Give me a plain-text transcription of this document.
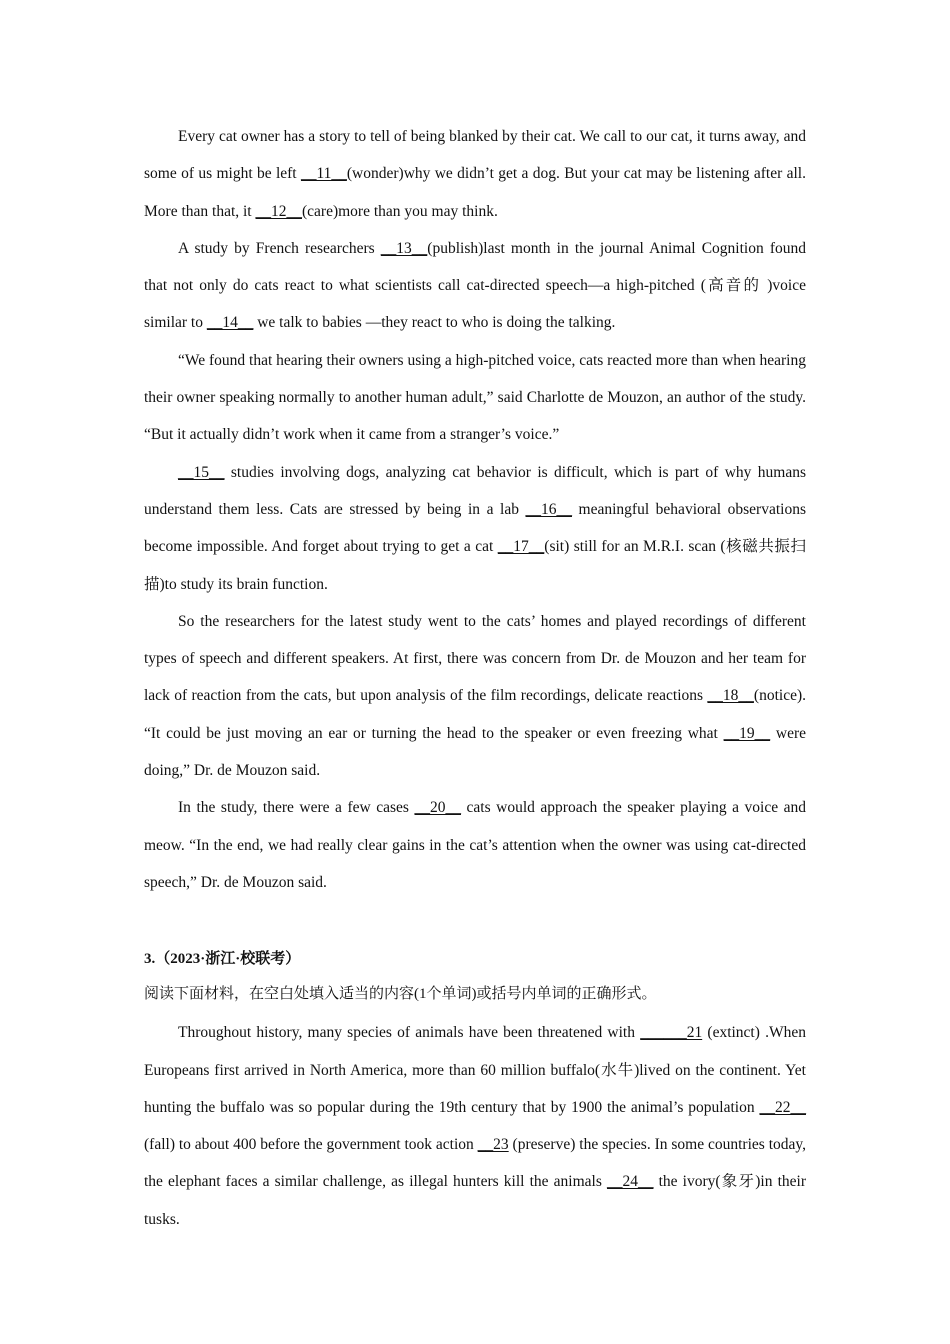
Every cat owner has a story to tell of being blanked by their cat. We call to our cat, it turns away, and some of us might be left __11__(wonder)why we didn’t get a dog. But your cat may be listening after all. More than that, it __12__(care)more than you may think.

A study by French researchers __13__(publish)last month in the journal Animal Cognition found that not only do cats react to what scientists call cat-directed speech—a high-pitched (高音的 )voice similar to __14__ we talk to babies —they react to who is doing the talking.

“We found that hearing their owners using a high-pitched voice, cats reacted more than when hearing their owner speaking normally to another human adult,” said Charlotte de Mouzon, an author of the study. “But it actually didn’t work when it came from a stranger’s voice.”

__15__ studies involving dogs, analyzing cat behavior is difficult, which is part of why humans understand them less. Cats are stressed by being in a lab __16__ meaningful behavioral observations become impossible. And forget about trying to get a cat __17__(sit) still for an M.R.I. scan (核磁共振扫描)to study its brain function.

So the researchers for the latest study went to the cats’ homes and played recordings of different types of speech and different speakers. At first, there was concern from Dr. de Mouzon and her team for lack of reaction from the cats, but upon analysis of the film recordings, delicate reactions __18__(notice). “It could be just moving an ear or turning the head to the speaker or even freezing what __19__ were doing,” Dr. de Mouzon said.

In the study, there were a few cases __20__ cats would approach the speaker playing a voice and meow. “In the end, we had really clear gains in the cat’s attention when the owner was using cat-directed speech,” Dr. de Mouzon said.

3.（2023·浙江·校联考）

阅读下面材料，在空白处填入适当的内容(1个单词)或括号内单词的正确形式。

Throughout history, many species of animals have been threatened with ______21 (extinct) .When Europeans first arrived in North America, more than 60 million buffalo(水牛)lived on the continent. Yet hunting the buffalo was so popular during the 19th century that by 1900 the animal’s population __22__ (fall) to about 400 before the government took action __23 (preserve) the species. In some countries today, the elephant faces a similar challenge, as illegal hunters kill the animals __24__ the ivory(象牙)in their tusks.
